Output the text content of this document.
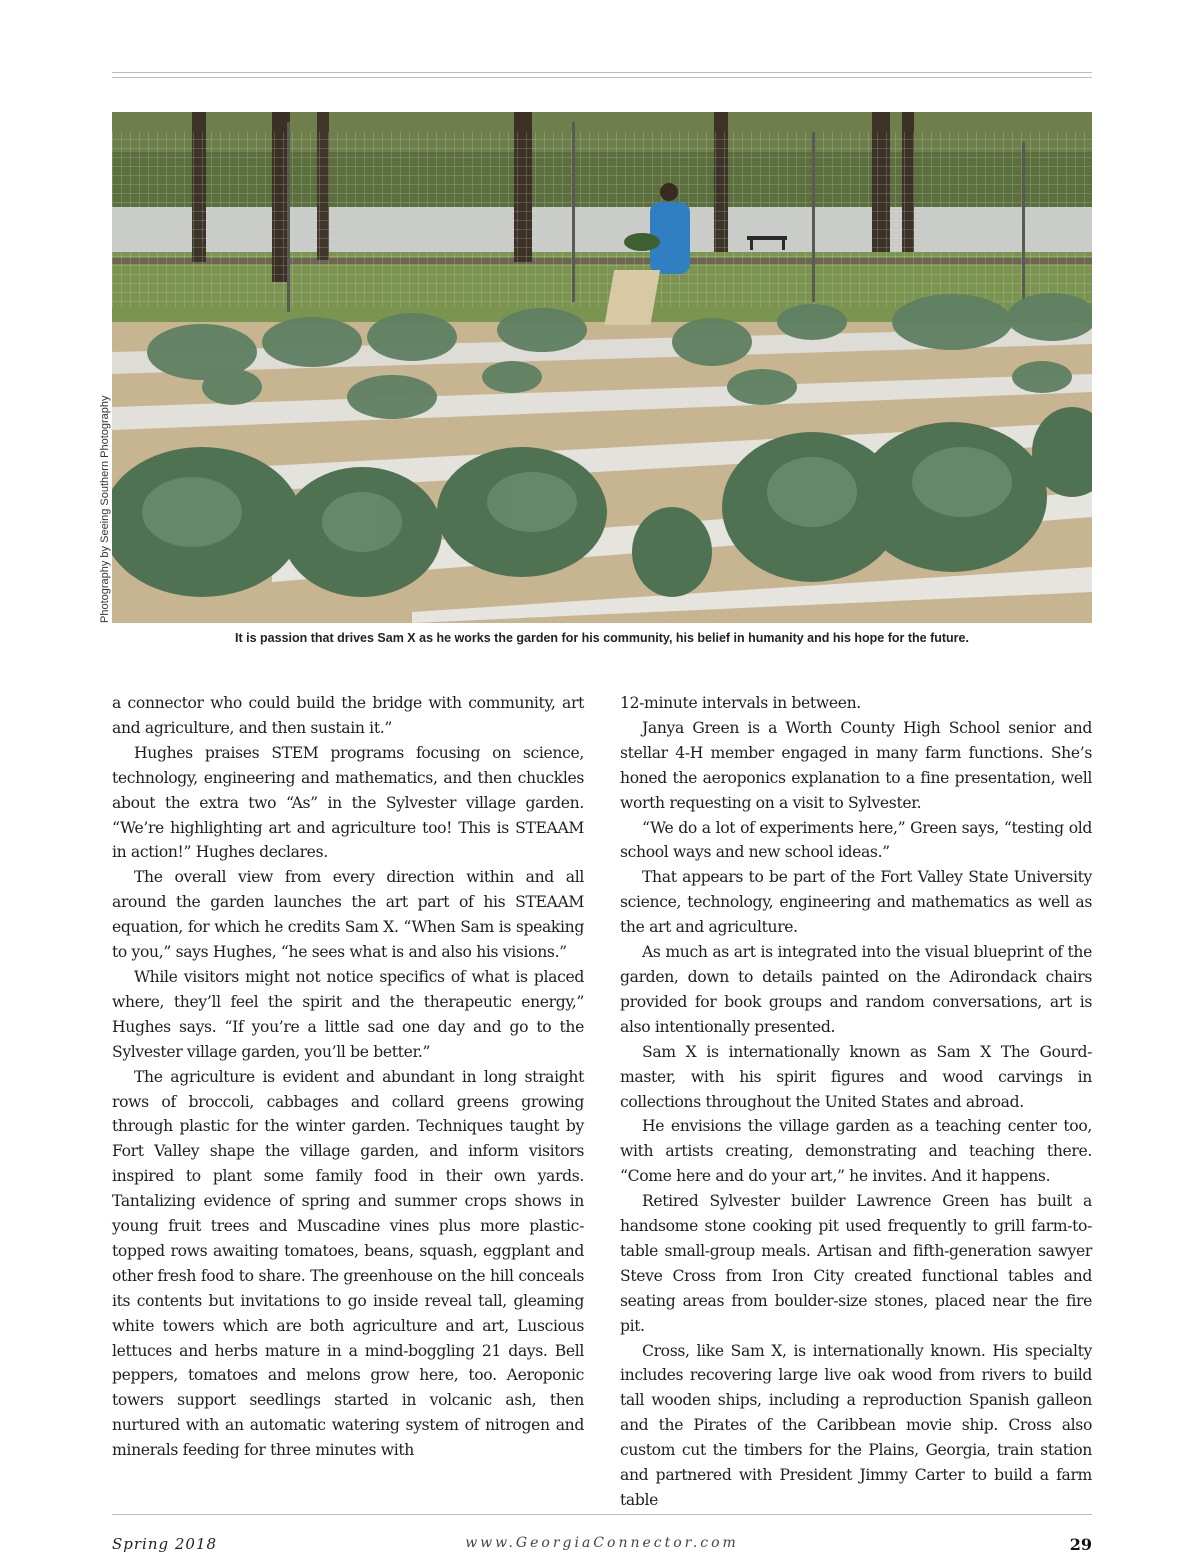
Photography by Seeing Southern Photography
It is passion that drives Sam X as he works the garden for his community, his belief in humanity and his hope for the future.

a connector who could build the bridge with community, art and agriculture, and then sustain it.”

Hughes praises STEM programs focusing on science, technology, engineering and mathematics, and then chuckles about the extra two “As” in the Sylvester village garden. “We’re highlighting art and agriculture too! This is STEAAM in action!” Hughes declares.

The overall view from every direction within and all around the garden launches the art part of his STEAAM equation, for which he credits Sam X. “When Sam is speaking to you,” says Hughes, “he sees what is and also his visions.”

While visitors might not notice specifics of what is placed where, they’ll feel the spirit and the therapeutic energy,” Hughes says. “If you’re a little sad one day and go to the Sylvester village garden, you’ll be better.”

The agriculture is evident and abundant in long straight rows of broccoli, cabbages and collard greens growing through plastic for the winter garden. Techniques taught by Fort Valley shape the village garden, and inform visitors inspired to plant some family food in their own yards. Tantalizing evidence of spring and summer crops shows in young fruit trees and Muscadine vines plus more plastic-topped rows awaiting tomatoes, beans, squash, eggplant and other fresh food to share. The greenhouse on the hill conceals its contents but invitations to go inside reveal tall, gleaming white towers which are both agriculture and art, Luscious lettuces and herbs mature in a mind-boggling 21 days. Bell peppers, tomatoes and melons grow here, too. Aeroponic towers support seedlings started in volcanic ash, then nurtured with an automatic watering system of nitrogen and minerals feeding for three minutes with

12-minute intervals in between.

Janya Green is a Worth County High School senior and stellar 4-H member engaged in many farm functions. She’s honed the aeroponics explanation to a fine presentation, well worth requesting on a visit to Sylvester.

“We do a lot of experiments here,” Green says, “testing old school ways and new school ideas.”

That appears to be part of the Fort Valley State University science, technology, engineering and mathematics as well as the art and agriculture.

As much as art is integrated into the visual blueprint of the garden, down to details painted on the Adirondack chairs provided for book groups and random conversations, art is also intentionally presented.

Sam X is internationally known as Sam X The Gourd-master, with his spirit figures and wood carvings in collections throughout the United States and abroad.

He envisions the village garden as a teaching center too, with artists creating, demonstrating and teaching there. “Come here and do your art,” he invites. And it happens.

Retired Sylvester builder Lawrence Green has built a handsome stone cooking pit used frequently to grill farm-to-table small-group meals. Artisan and fifth-generation sawyer Steve Cross from Iron City created functional tables and seating areas from boulder-size stones, placed near the fire pit.

Cross, like Sam X, is internationally known. His specialty includes recovering large live oak wood from rivers to build tall wooden ships, including a reproduction Spanish galleon and the Pirates of the Caribbean movie ship. Cross also custom cut the timbers for the Plains, Georgia, train station and partnered with President Jimmy Carter to build a farm table

Spring 2018	www.GeorgiaConnector.com	29
